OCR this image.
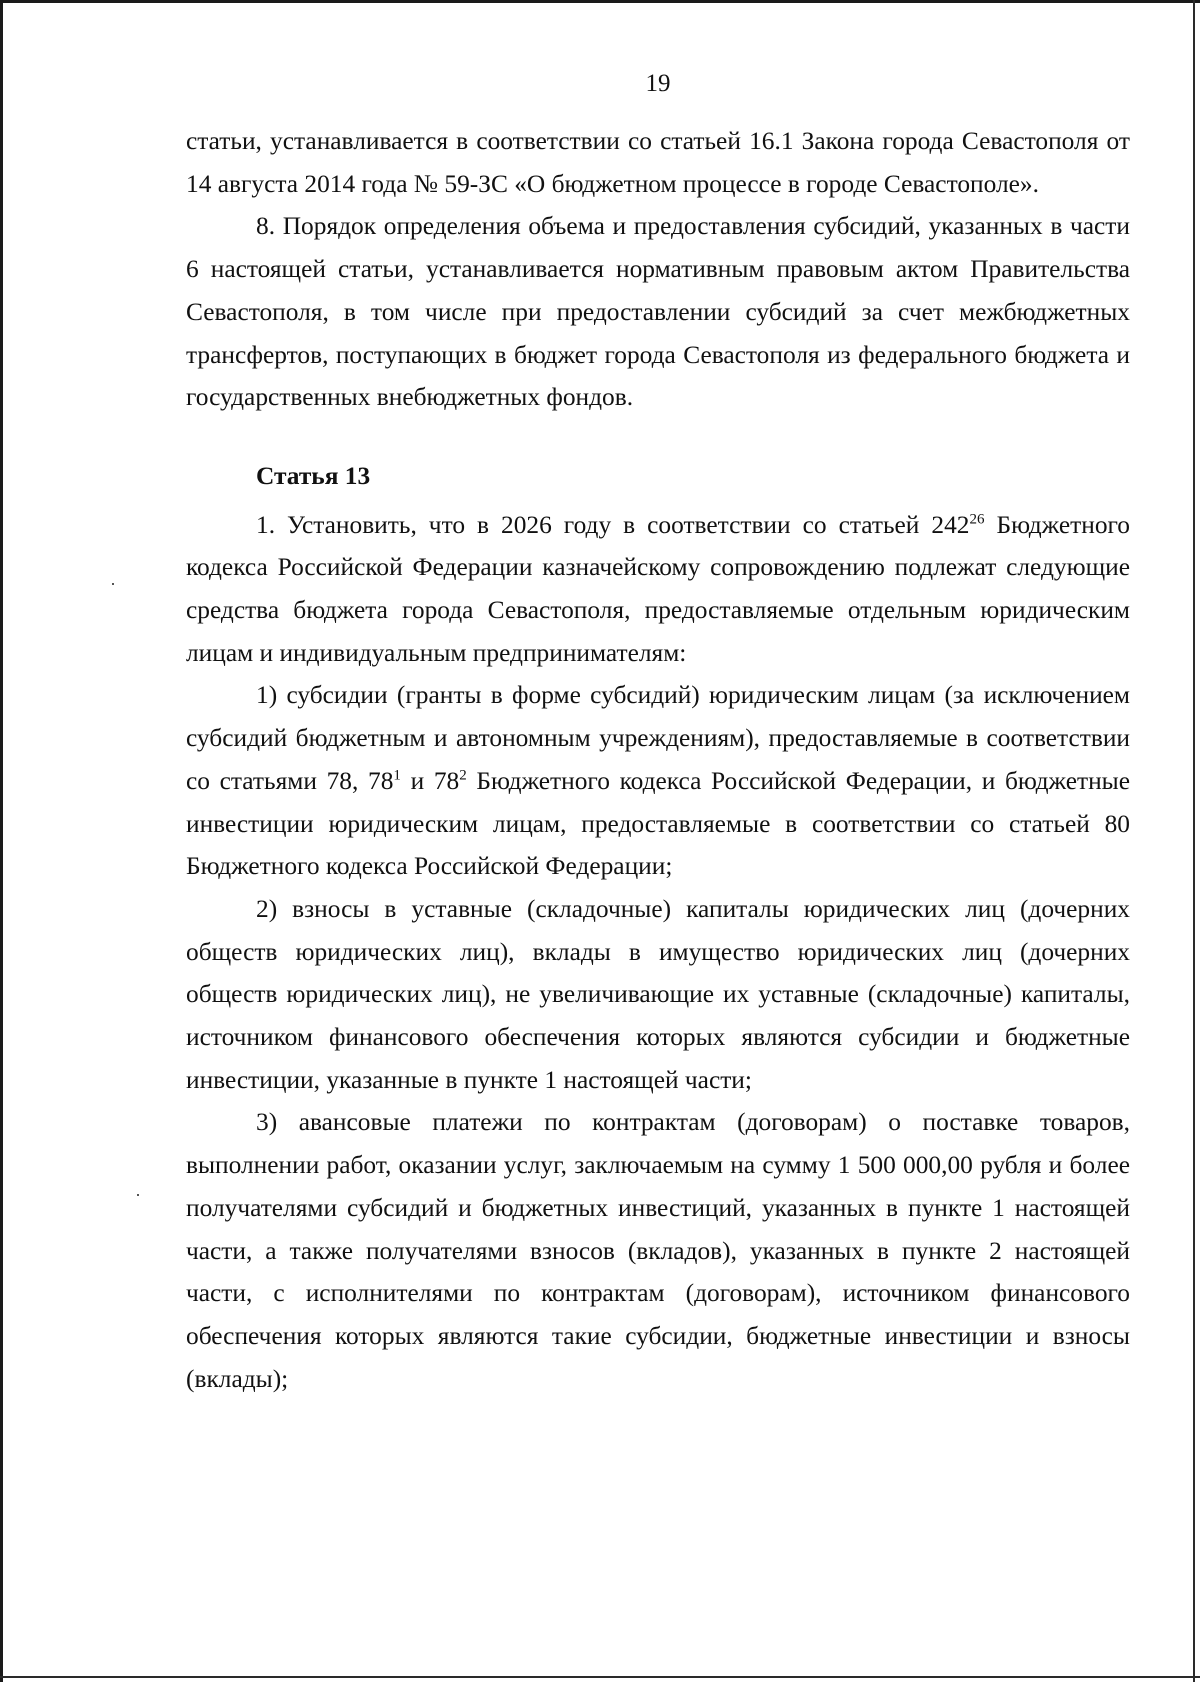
19

статьи, устанавливается в соответствии со статьей 16.1 Закона города Севастополя от 14 августа 2014 года № 59-ЗС «О бюджетном процессе в городе Севастополе».

8. Порядок определения объема и предоставления субсидий, указанных в части 6 настоящей статьи, устанавливается нормативным правовым актом Правительства Севастополя, в том числе при предоставлении субсидий за счет межбюджетных трансфертов, поступающих в бюджет города Севастополя из федерального бюджета и государственных внебюджетных фондов.

Статья 13

1. Установить, что в 2026 году в соответствии со статьей $242^{26}$ Бюджетного кодекса Российской Федерации казначейскому сопровождению подлежат следующие средства бюджета города Севастополя, предоставляемые отдельным юридическим лицам и индивидуальным предпринимателям:

1) субсидии (гранты в форме субсидий) юридическим лицам (за исключением субсидий бюджетным и автономным учреждениям), предоставляемые в соответствии со статьями 78, $78^1$ и $78^2$ Бюджетного кодекса Российской Федерации, и бюджетные инвестиции юридическим лицам, предоставляемые в соответствии со статьей 80 Бюджетного кодекса Российской Федерации;

2) взносы в уставные (складочные) капиталы юридических лиц (дочерних обществ юридических лиц), вклады в имущество юридических лиц (дочерних обществ юридических лиц), не увеличивающие их уставные (складочные) капиталы, источником финансового обеспечения которых являются субсидии и бюджетные инвестиции, указанные в пункте 1 настоящей части;

3) авансовые платежи по контрактам (договорам) о поставке товаров, выполнении работ, оказании услуг, заключаемым на сумму 1 500 000,00 рубля и более получателями субсидий и бюджетных инвестиций, указанных в пункте 1 настоящей части, а также получателями взносов (вкладов), указанных в пункте 2 настоящей части, с исполнителями по контрактам (договорам), источником финансового обеспечения которых являются такие субсидии, бюджетные инвестиции и взносы (вклады);
